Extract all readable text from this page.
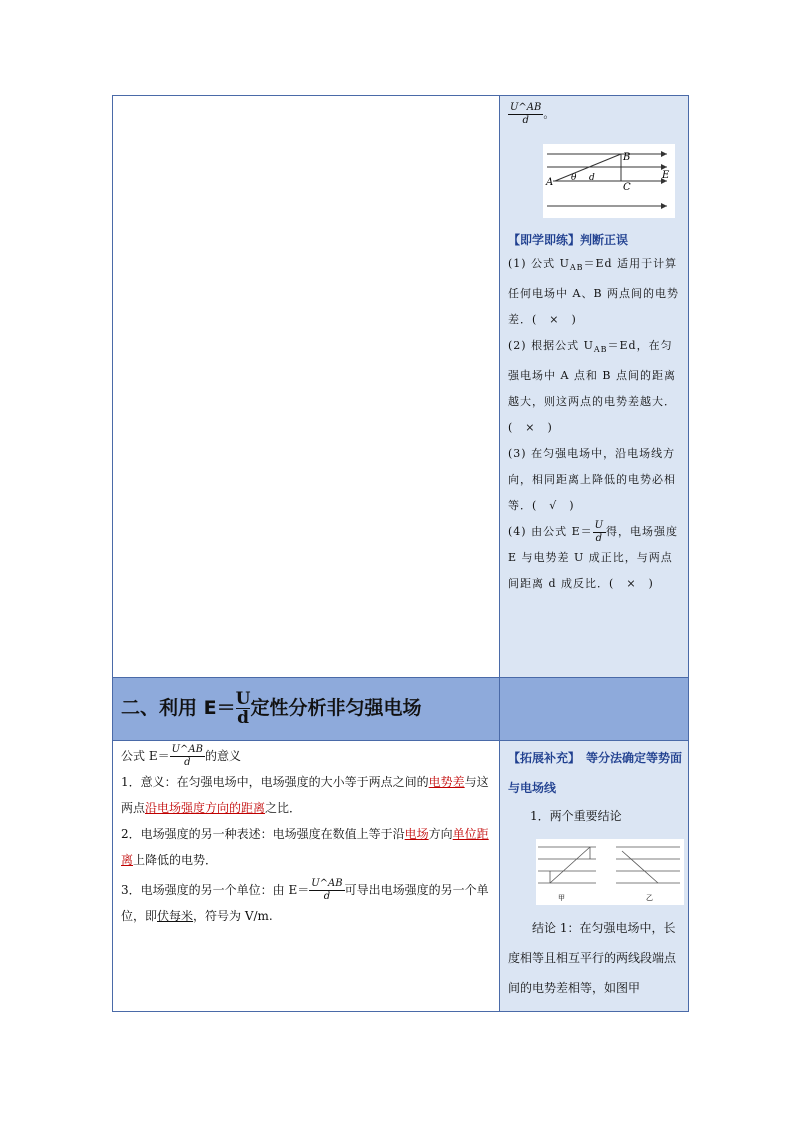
$\frac{U\^{}AB}{d}$ 。
A
B
C
E
θ d
【即学即练】判断正误
(1) 公式 $U_{AB}=Ed$ 适用于计算任何电场中 A、B 两点间的电势差．(　×　)
(2) 根据公式 $U_{AB}=Ed$，在匀强电场中 A 点和 B 点间的距离越大，则这两点的电势差越大．(　×　)
(3) 在匀强电场中，沿电场线方向，相同距离上降低的电势必相等．(　√　)
(4) 由公式 $E= \frac{U}{d}$ 得，电场强度 E 与电势差 U 成正比，与两点间距离 d 成反比．(　×　)
二、利用 $E= \frac{U}{d}$定性分析非匀强电场
公式 $E= \frac{U\^{}AB}{d}$ 的意义
1．意义：在匀强电场中，电场强度的大小等于两点之间的电势差与这两点沿电场强度方向的距离之比．
2．电场强度的另一种表述：电场强度在数值上等于沿电场方向单位距离上降低的电势．
3．电场强度的另一个单位：由 $E= \frac{U\^{}AB}{d}$ 可导出电场强度的另一个单位，即伏每米，符号为 V/m.
【拓展补充】　等分法确定等势面与电场线
1．两个重要结论
甲	乙
结论 1：在匀强电场中，长度相等且相互平行的两线段端点间的电势差相等，如图甲
